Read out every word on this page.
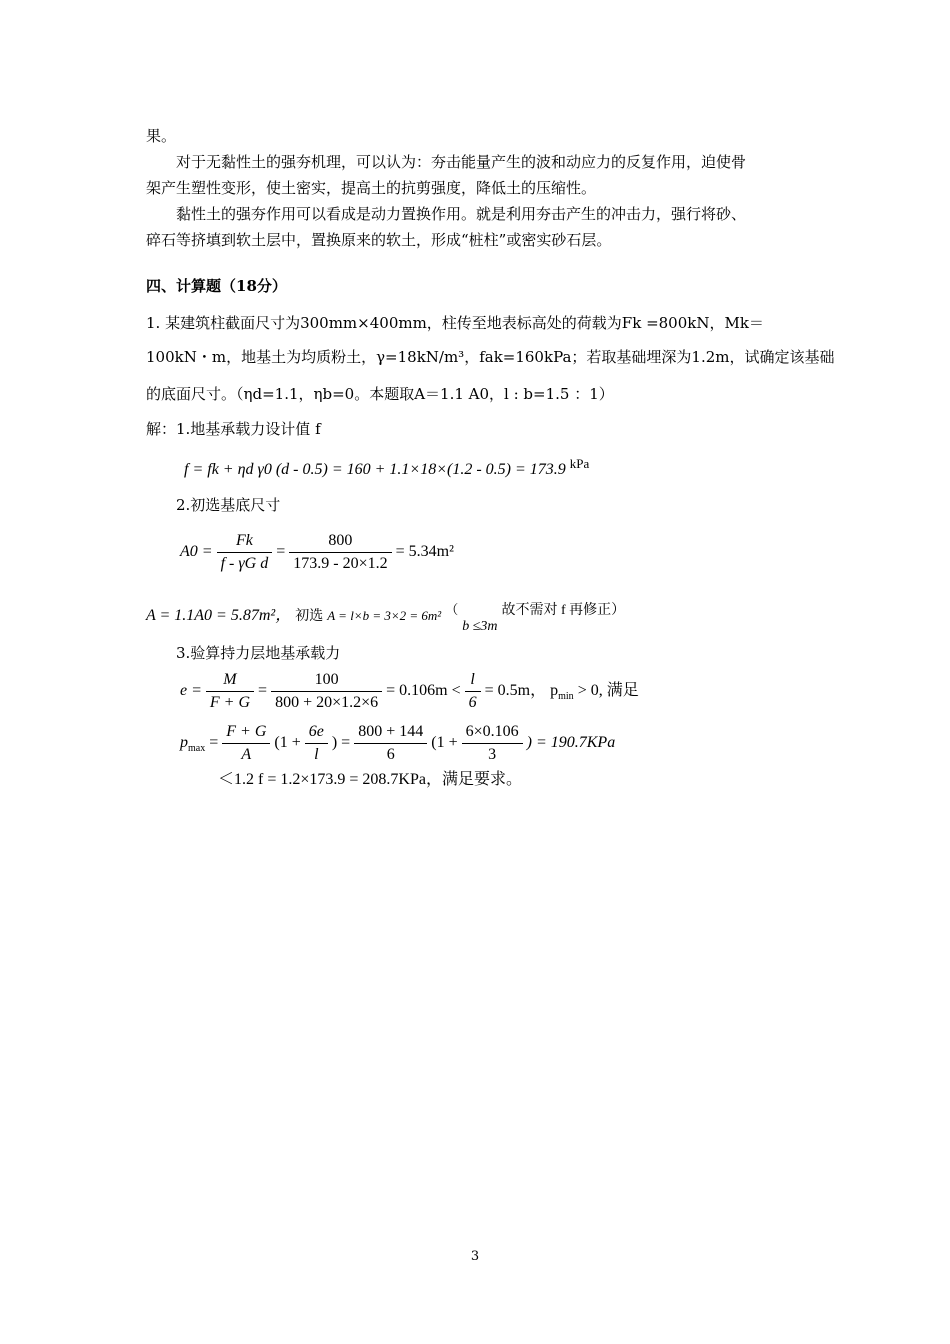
果。
对于无黏性土的强夯机理，可以认为：夯击能量产生的波和动应力的反复作用，迫使骨
架产生塑性变形，使土密实，提高土的抗剪强度，降低土的压缩性。
黏性土的强夯作用可以看成是动力置换作用。就是利用夯击产生的冲击力，强行将砂、
碎石等挤填到软土层中，置换原来的软土，形成“桩柱”或密实砂石层。
四、计算题（18分）
1. 某建筑柱截面尺寸为300mm×400mm，柱传至地表标高处的荷载为Fk =800kN，Mk＝
100kN・m，地基土为均质粉土，γ=18kN/m³，fak=160kPa；若取基础埋深为1.2m，试确定该基础
的底面尺寸。（ηd=1.1，ηb=0。本题取A＝1.1 A0，l : b=1.5 ：1）
解：1.地基承载力设计值 f
f = fk + ηd γ0 (d - 0.5) = 160 + 1.1×18×(1.2 - 0.5) = 173.9 $^{kPa}$
2.初选基底尺寸
$A0 = \frac{Fk}{\text{f - γG d}} = \frac{800}{173.9 - 20\times 1.2} = 5.34m^2$
A = 1.1A0 = 5.87m²， 初选 A = l×b = 3×2 = 6m² （ b ≤3m 故不需对 f 再修正）
3.验算持力层地基承载力
$e = \frac{M}{F + G} = \frac{100}{800 + 20\times 1.2\times 6} = 0.106m < \frac{l}{6} = 0.5m$， $p_{min} > 0$, 满足
$p_{max} = \frac{F + G}{A} (1 + \frac{6e}{l}$ ) = $\frac{800 + 144}{6} (1 + \frac{6\times 0.106}{3}$ ) = 190.7KPa
＜1.2 f = 1.2×173.9 = 208.7KPa，满足要求。
3
